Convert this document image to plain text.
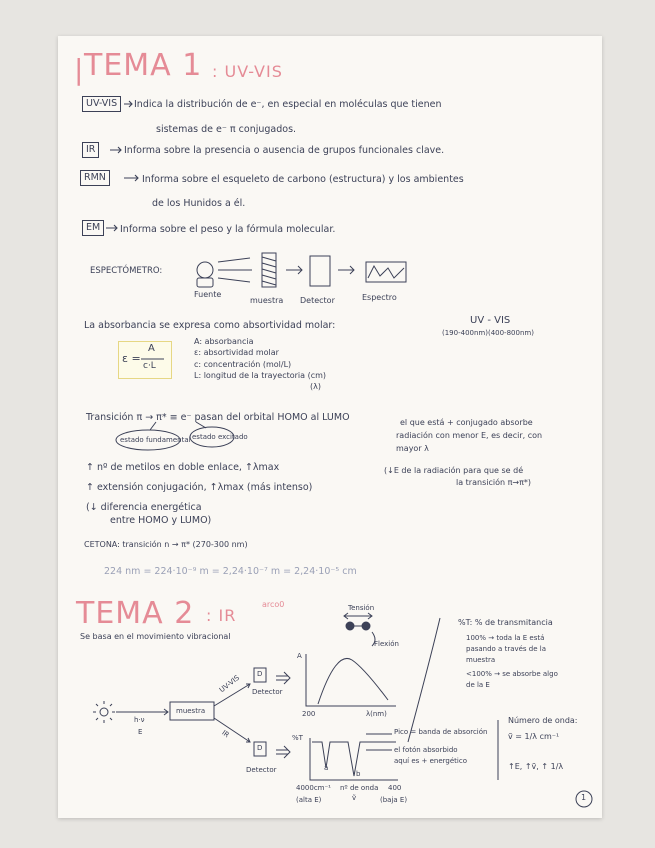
| TEMA 1 : UV-VIS
UV-VIS	Indica la distribución de e⁻, en especial en moléculas que tienen
sistemas de e⁻ π conjugados.
IR	Informa sobre la presencia o ausencia de grupos funcionales clave.
RMN	Informa sobre el esqueleto de carbono (estructura) y los ambientes
de los Hunidos a él.
EM	Informa sobre el peso y la fórmula molecular.
ESPECTÓMETRO:
Fuente
muestra Detector	Espectro
La absorbancia se expresa como absortividad molar:	UV - VIS
(190-400nm)(400-800nm)
ε =
A
c·L
A: absorbancia
ε: absortividad molar
c: concentración (mol/L)
L: longitud de la trayectoria (cm)
(λ)
Transición π → π* ≡ e⁻ pasan del orbital HOMO al LUMO
estado fundamental estado excitado
el que está + conjugado absorbe
radiación con menor E, es decir, con
mayor λ
↑ nº de metilos en doble enlace, ↑λmax
↑ extensión conjugación, ↑λmax (más intenso)
(↓E de la radiación para que se dé
la transición π→π*)
(↓ diferencia energética
entre HOMO y LUMO)
CETONA: transición n → π* (270-300 nm)
224 nm = 224·10⁻⁹ m = 2,24·10⁻⁷ m = 2,24·10⁻⁵ cm
TEMA 2 : IR
arco0
Se basa en el movimiento vibracional
Tensión
Flexión
%T: % de transmitancia
100% → toda la E está
pasando a través de la
muestra
<100% → se absorbe algo
de la E
h·ν
E
muestra
UV-VIS
IR
D
D
Detector
Detector
A
200	λ(nm)
%T
Pico = banda de absorción
el fotón absorbido
aquí es + energético
a
b
4000cm⁻¹
(alta E)
nº de onda
ṽ
400
(baja E)
Número de onda:
ṽ = 1/λ cm⁻¹
↑E, ↑ṽ, ↑ 1/λ
1
